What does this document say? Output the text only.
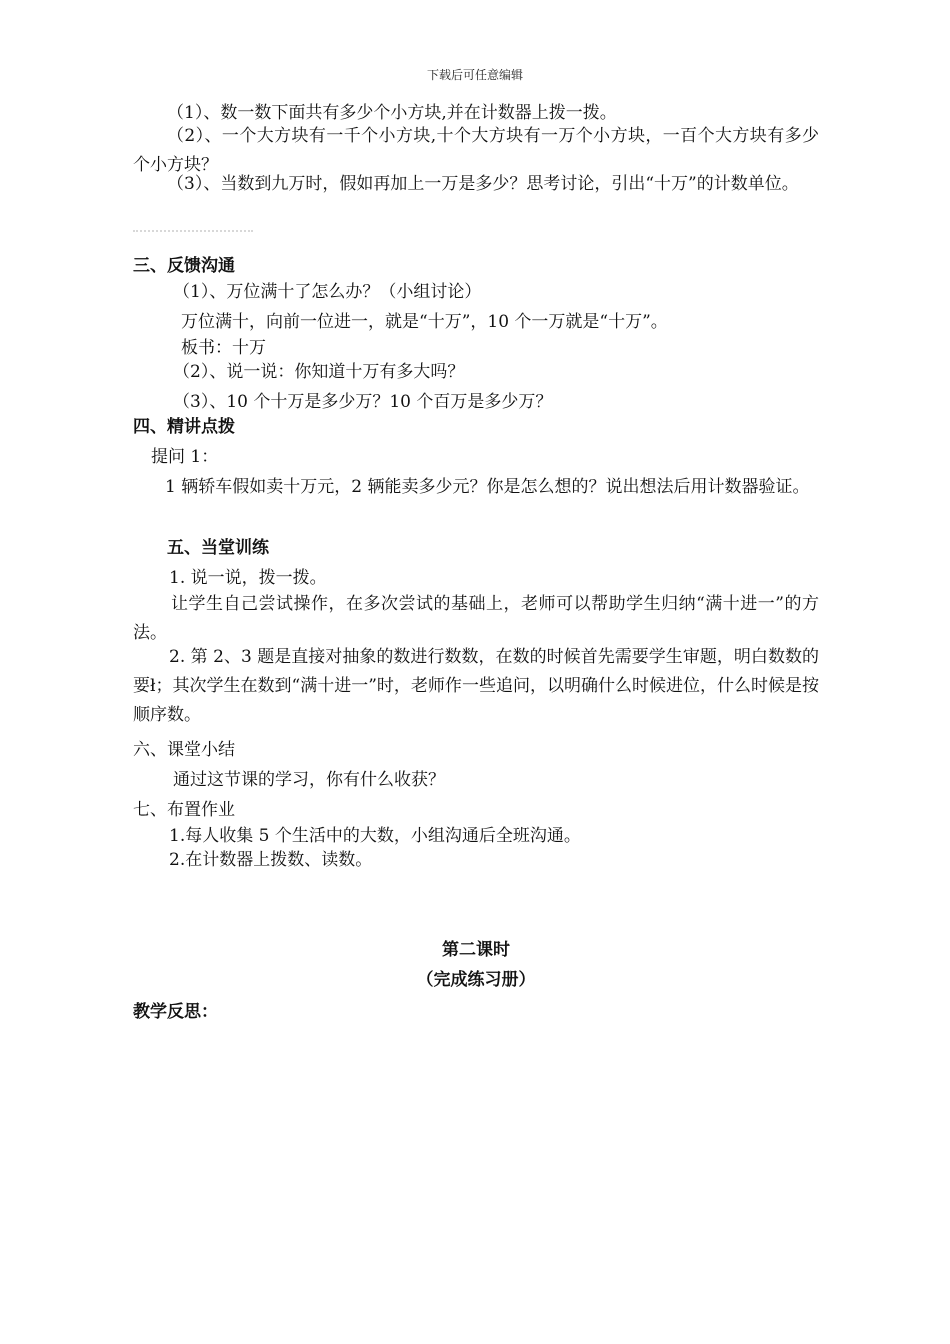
下载后可任意编辑
（1）、数一数下面共有多少个小方块,并在计数器上拨一拨。
（2）、一个大方块有一千个小方块,十个大方块有一万个小方块，一百个大方块有多少个小方块？
（3）、当数到九万时，假如再加上一万是多少？思考讨论，引出“十万”的计数单位。
三、反馈沟通
（1）、万位满十了怎么办？（小组讨论）
万位满十，向前一位进一，就是“十万”，10 个一万就是“十万”。
板书：十万
（2）、说一说：你知道十万有多大吗？
（3）、10 个十万是多少万？10 个百万是多少万？
四、精讲点拨
提问 1：
1 辆轿车假如卖十万元，2 辆能卖多少元？你是怎么想的？说出想法后用计数器验证。
五、当堂训练
1. 说一说，拨一拨。
让学生自己尝试操作，在多次尝试的基础上，老师可以帮助学生归纳“满十进一”的方法。
2. 第 2、3 题是直接对抽象的数进行数数，在数的时候首先需要学生审题，明白数数的要ł；其次学生在数到“满十进一”时，老师作一些追问，以明确什么时候进位，什么时候是按顺序数。
六、课堂小结
通过这节课的学习，你有什么收获？
七、布置作业
1.每人收集 5 个生活中的大数，小组沟通后全班沟通。
2.在计数器上拨数、读数。
第二课时
（完成练习册）
教学反思：
